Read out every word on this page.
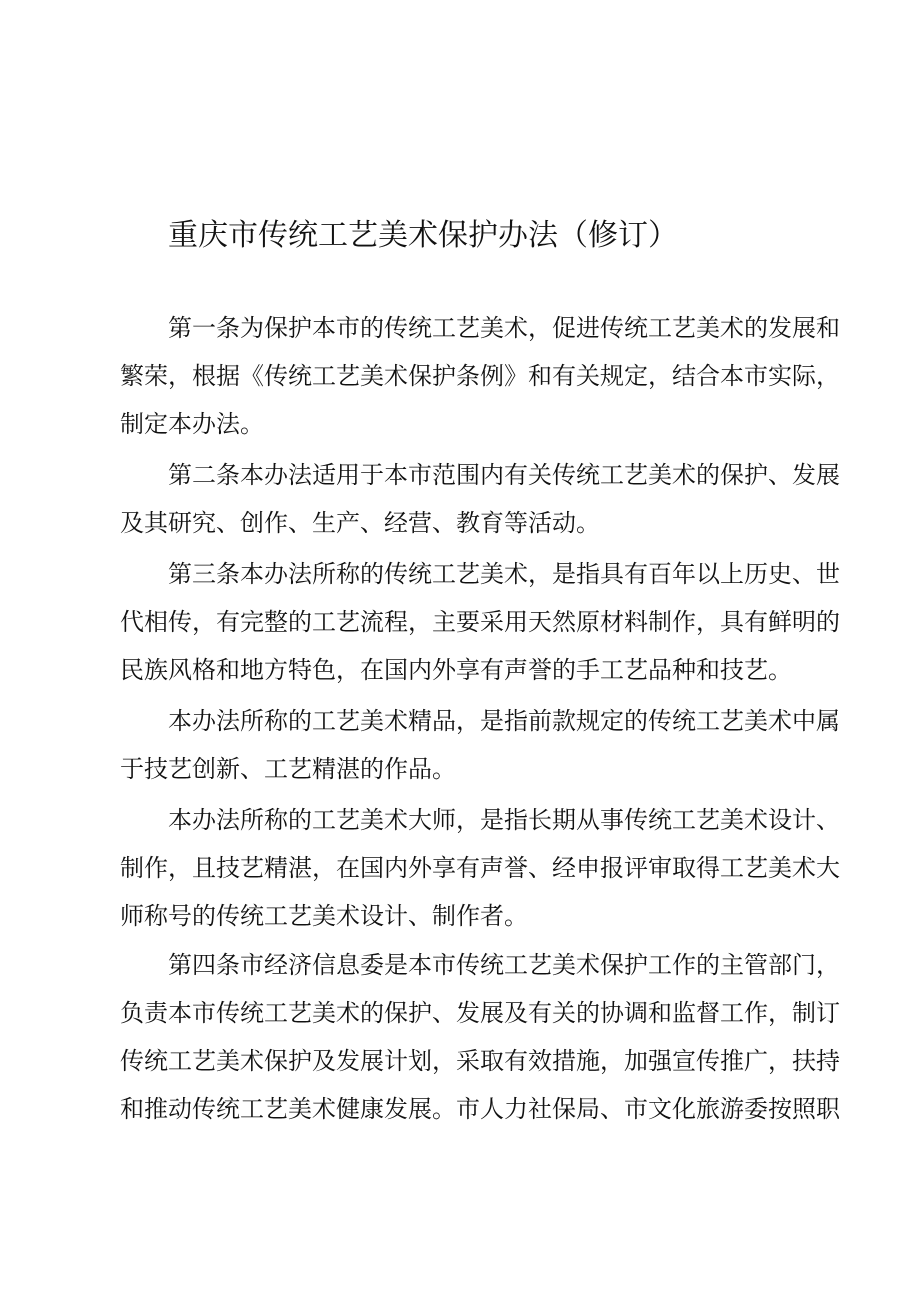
重庆市传统工艺美术保护办法（修订）
第一条为保护本市的传统工艺美术，促进传统工艺美术的发展和
繁荣，根据《传统工艺美术保护条例》和有关规定，结合本市实际，
制定本办法。
第二条本办法适用于本市范围内有关传统工艺美术的保护、发展
及其研究、创作、生产、经营、教育等活动。
第三条本办法所称的传统工艺美术，是指具有百年以上历史、世
代相传，有完整的工艺流程，主要采用天然原材料制作，具有鲜明的
民族风格和地方特色，在国内外享有声誉的手工艺品种和技艺。
本办法所称的工艺美术精品，是指前款规定的传统工艺美术中属
于技艺创新、工艺精湛的作品。
本办法所称的工艺美术大师，是指长期从事传统工艺美术设计、
制作，且技艺精湛，在国内外享有声誉、经申报评审取得工艺美术大
师称号的传统工艺美术设计、制作者。
第四条市经济信息委是本市传统工艺美术保护工作的主管部门，
负责本市传统工艺美术的保护、发展及有关的协调和监督工作，制订
传统工艺美术保护及发展计划，采取有效措施，加强宣传推广，扶持
和推动传统工艺美术健康发展。市人力社保局、市文化旅游委按照职
